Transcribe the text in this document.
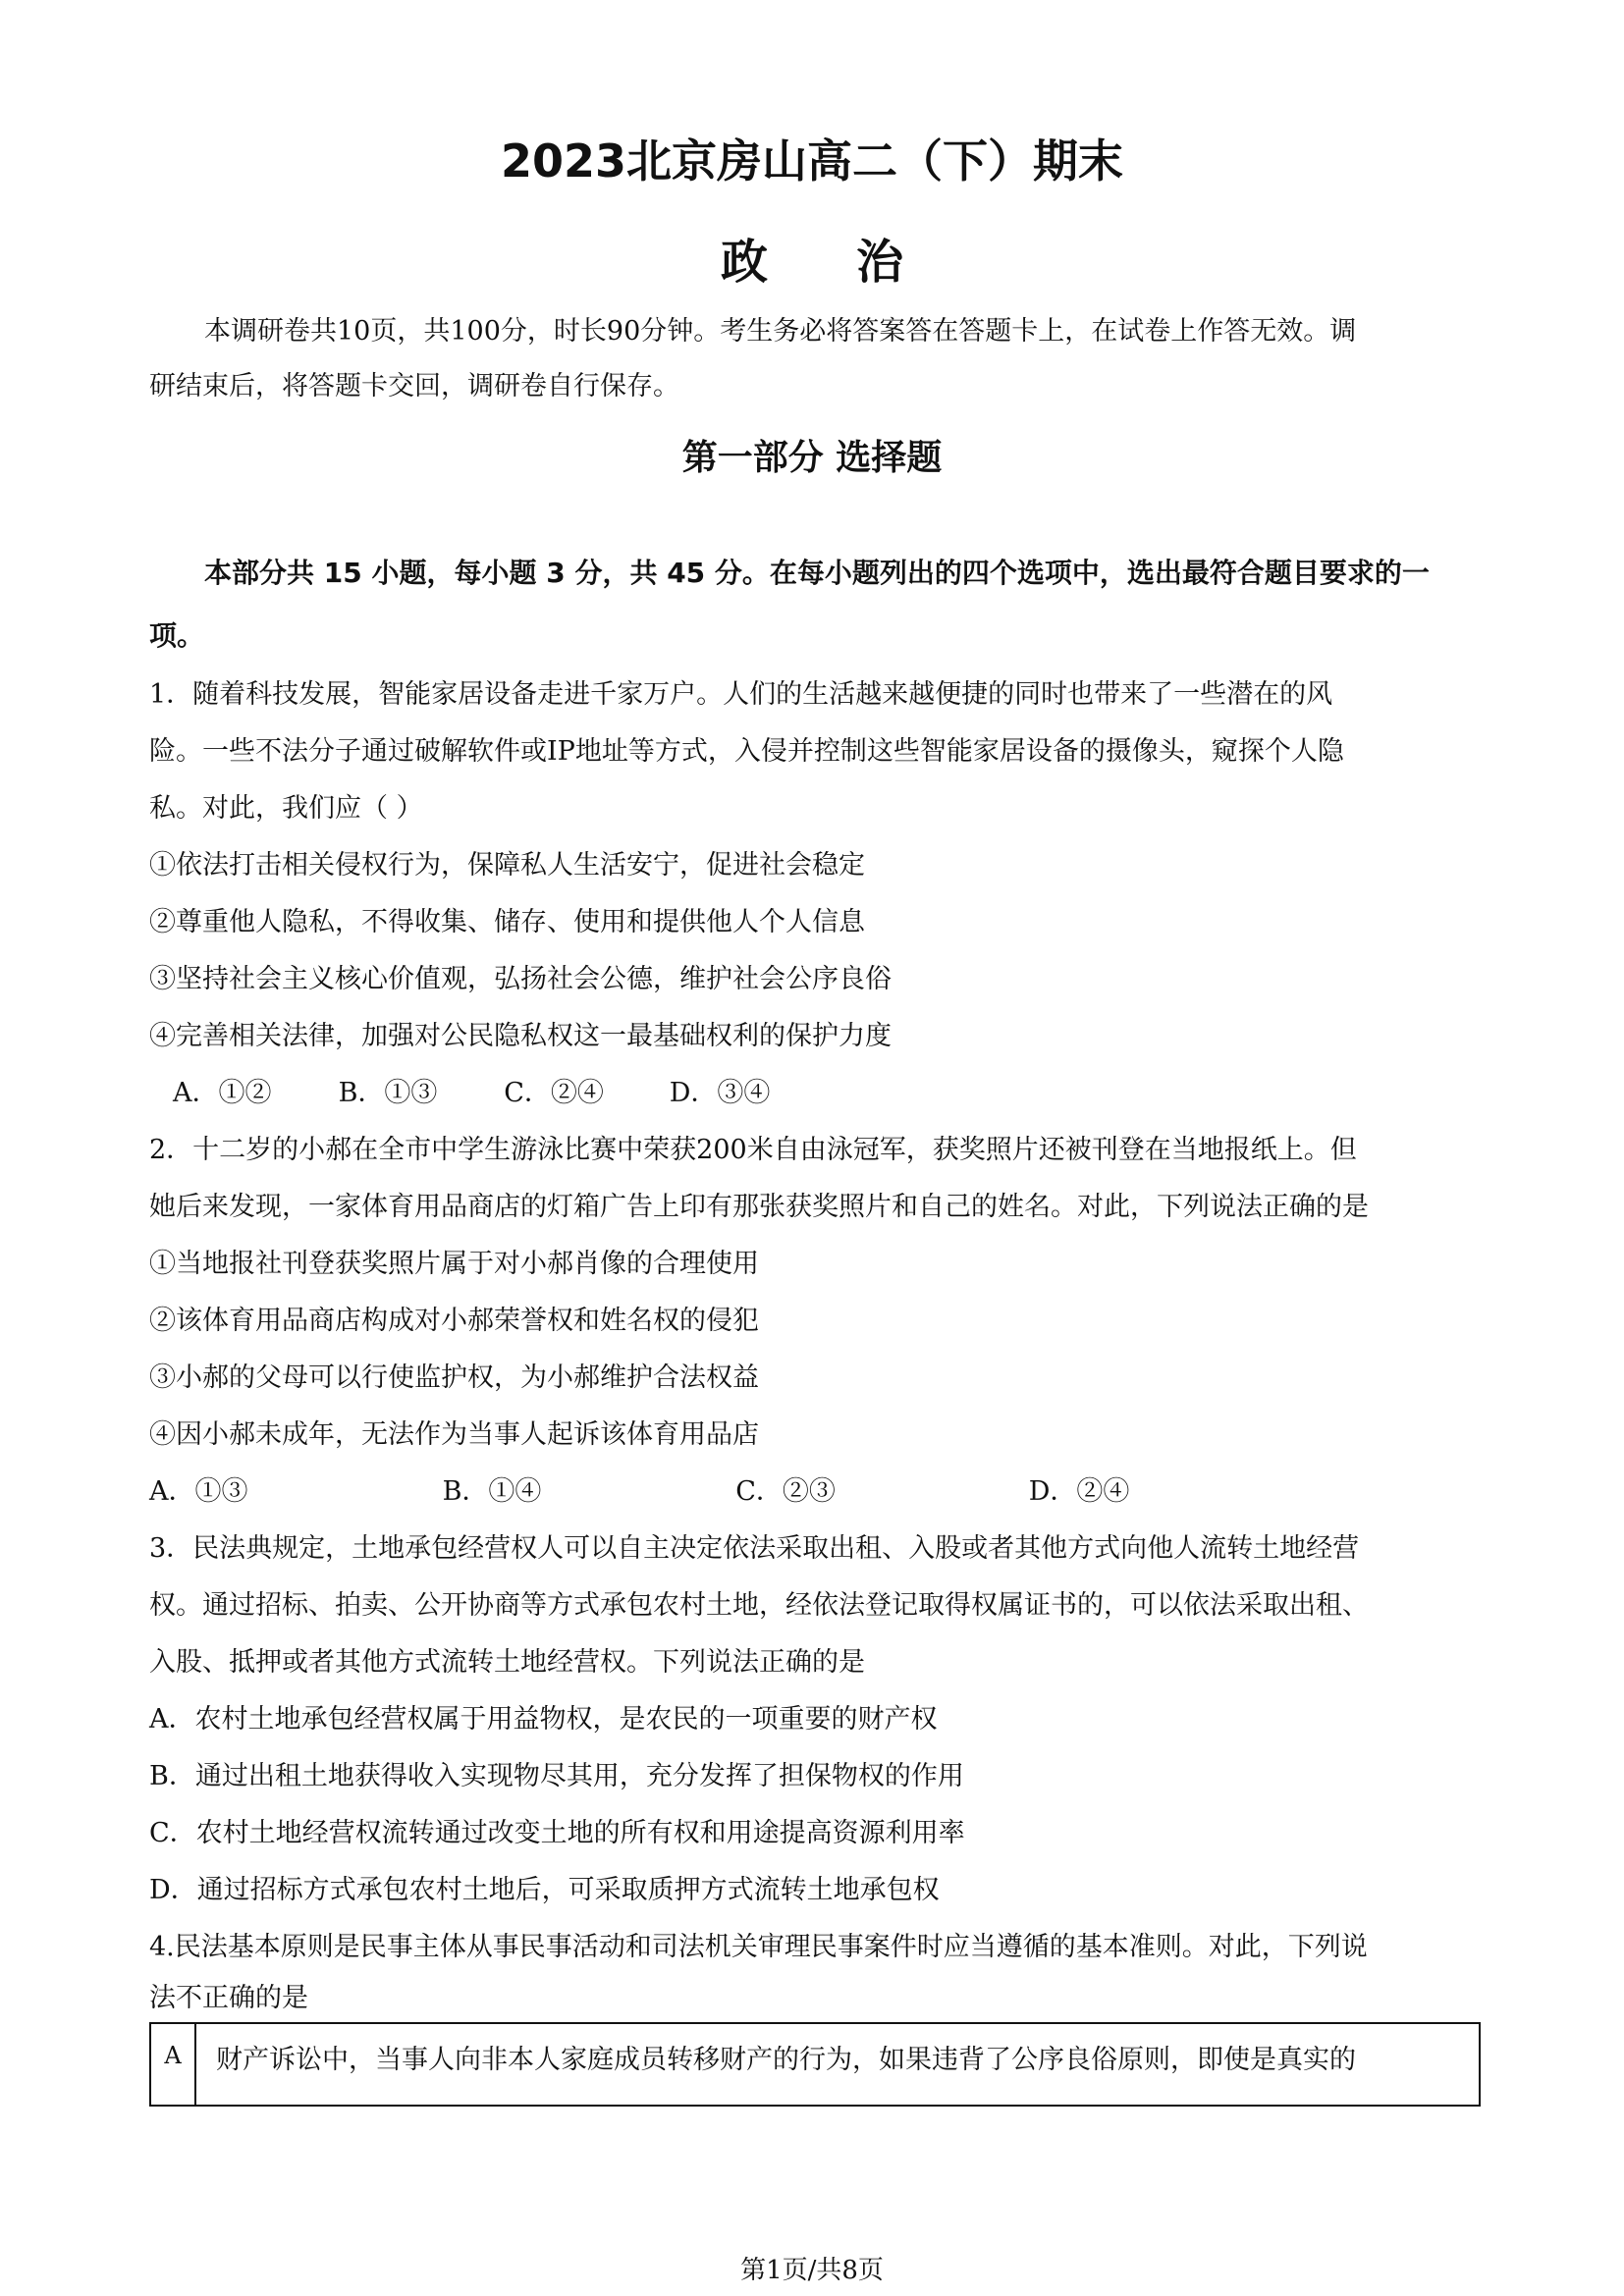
2023北京房山高二（下）期末
政治
本调研卷共10页，共100分，时长90分钟。考生务必将答案答在答题卡上，在试卷上作答无效。调
研结束后，将答题卡交回，调研卷自行保存。
第一部分 选择题
本部分共 15 小题，每小题 3 分，共 45 分。在每小题列出的四个选项中，选出最符合题目要求的一
项。
1．随着科技发展，智能家居设备走进千家万户。人们的生活越来越便捷的同时也带来了一些潜在的风
险。一些不法分子通过破解软件或IP地址等方式，入侵并控制这些智能家居设备的摄像头，窥探个人隐
私。对此，我们应（ ）
①依法打击相关侵权行为，保障私人生活安宁，促进社会稳定
②尊重他人隐私，不得收集、储存、使用和提供他人个人信息
③坚持社会主义核心价值观，弘扬社会公德，维护社会公序良俗
④完善相关法律，加强对公民隐私权这一最基础权利的保护力度
A．①②	B．①③	C．②④ D．③④
2．十二岁的小郝在全市中学生游泳比赛中荣获200米自由泳冠军，获奖照片还被刊登在当地报纸上。但
她后来发现，一家体育用品商店的灯箱广告上印有那张获奖照片和自己的姓名。对此，下列说法正确的是
①当地报社刊登获奖照片属于对小郝肖像的合理使用
②该体育用品商店构成对小郝荣誉权和姓名权的侵犯
③小郝的父母可以行使监护权，为小郝维护合法权益
④因小郝未成年，无法作为当事人起诉该体育用品店
A．①③	B．①④	C．②③	D．②④
3．民法典规定，土地承包经营权人可以自主决定依法采取出租、入股或者其他方式向他人流转土地经营
权。通过招标、拍卖、公开协商等方式承包农村土地，经依法登记取得权属证书的，可以依法采取出租、
入股、抵押或者其他方式流转土地经营权。下列说法正确的是
A．农村土地承包经营权属于用益物权，是农民的一项重要的财产权
B．通过出租土地获得收入实现物尽其用，充分发挥了担保物权的作用
C．农村土地经营权流转通过改变土地的所有权和用途提高资源利用率
D．通过招标方式承包农村土地后，可采取质押方式流转土地承包权
4.民法基本原则是民事主体从事民事活动和司法机关审理民事案件时应当遵循的基本准则。对此，下列说
法不正确的是
A	财产诉讼中，当事人向非本人家庭成员转移财产的行为，如果违背了公序良俗原则，即使是真实的
第1页/共8页
